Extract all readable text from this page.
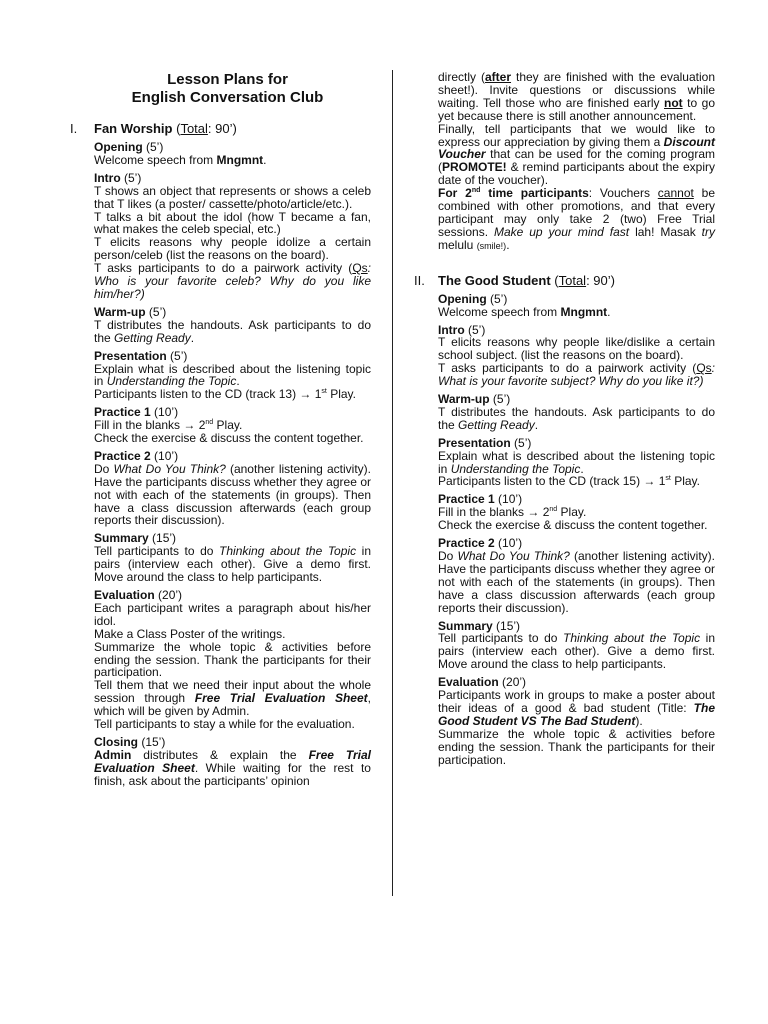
Lesson Plans for
English Conversation Club
I. Fan Worship (Total: 90’)
Opening (5’)

Welcome speech from Mngmnt.

Intro (5’)

T shows an object that represents or shows a celeb that T likes (a poster/ cassette/photo/article/etc.).

T talks a bit about the idol (how T became a fan, what makes the celeb special, etc.)

T elicits reasons why people idolize a certain person/celeb (list the reasons on the board).

T asks participants to do a pairwork activity (Qs: Who is your favorite celeb? Why do you like him/her?)

Warm-up (5’)

T distributes the handouts. Ask participants to do the Getting Ready.

Presentation (5’)

Explain what is described about the listening topic in Understanding the Topic.

Participants listen to the CD (track 13) → 1st Play.

Practice 1 (10’)

Fill in the blanks → 2nd Play.

Check the exercise & discuss the content together.

Practice 2 (10’)

Do What Do You Think? (another listening activity). Have the participants discuss whether they agree or not with each of the statements (in groups). Then have a class discussion afterwards (each group reports their discussion).

Summary (15’)

Tell participants to do Thinking about the Topic in pairs (interview each other). Give a demo first. Move around the class to help participants.

Evaluation (20’)

Each participant writes a paragraph about his/her idol.

Make a Class Poster of the writings.

Summarize the whole topic & activities before ending the session. Thank the participants for their participation.

Tell them that we need their input about the whole session through Free Trial Evaluation Sheet, which will be given by Admin.

Tell participants to stay a while for the evaluation.

Closing (15’)

Admin distributes & explain the Free Trial Evaluation Sheet. While waiting for the rest to finish, ask about the participants’ opinion

directly (after they are finished with the evaluation sheet!). Invite questions or discussions while waiting. Tell those who are finished early not to go yet because there is still another announcement.

Finally, tell participants that we would like to express our appreciation by giving them a Discount Voucher that can be used for the coming program (PROMOTE! & remind participants about the expiry date of the voucher).

For 2nd time participants: Vouchers cannot be combined with other promotions, and that every participant may only take 2 (two) Free Trial sessions. Make up your mind fast lah! Masak try melulu (smile!).

II. The Good Student (Total: 90’)
Opening (5’)

Welcome speech from Mngmnt.

Intro (5’)

T elicits reasons why people like/dislike a certain school subject. (list the reasons on the board).

T asks participants to do a pairwork activity (Qs: What is your favorite subject? Why do you like it?)

Warm-up (5’)

T distributes the handouts. Ask participants to do the Getting Ready.

Presentation (5’)

Explain what is described about the listening topic in Understanding the Topic.

Participants listen to the CD (track 15) → 1st Play.

Practice 1 (10’)

Fill in the blanks → 2nd Play.

Check the exercise & discuss the content together.

Practice 2 (10’)

Do What Do You Think? (another listening activity). Have the participants discuss whether they agree or not with each of the statements (in groups). Then have a class discussion afterwards (each group reports their discussion).

Summary (15’)

Tell participants to do Thinking about the Topic in pairs (interview each other). Give a demo first. Move around the class to help participants.

Evaluation (20’)

Participants work in groups to make a poster about their ideas of a good & bad student (Title: The Good Student VS The Bad Student).

Summarize the whole topic & activities before ending the session. Thank the participants for their participation.
